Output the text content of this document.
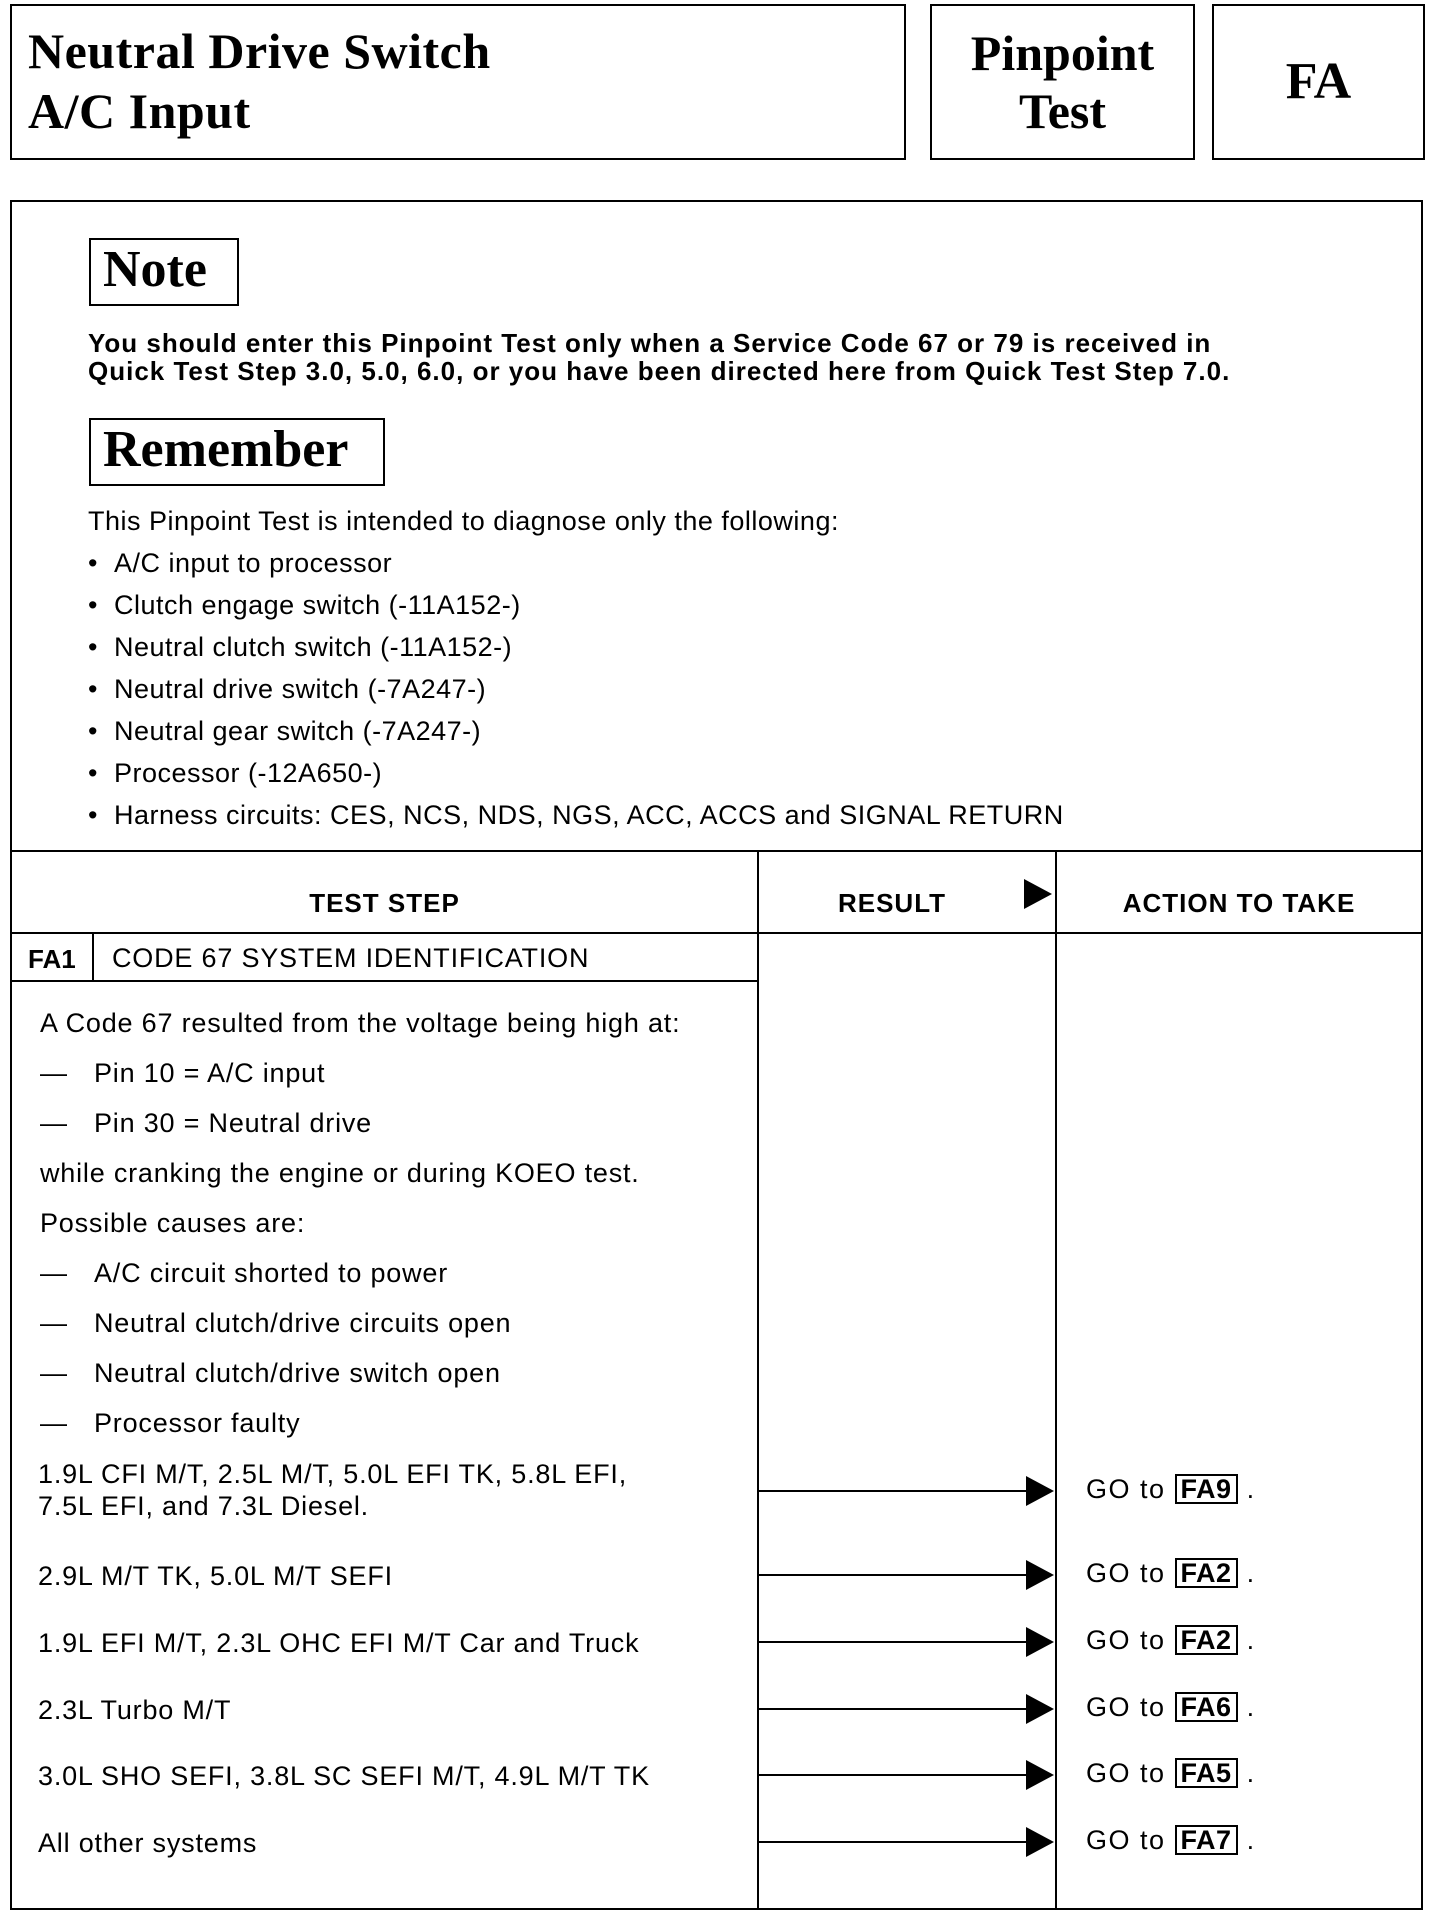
Neutral Drive Switch
A/C Input
Pinpoint
Test
FA
Note
You should enter this Pinpoint Test only when a Service Code 67 or 79 is received in
Quick Test Step 3.0, 5.0, 6.0, or you have been directed here from Quick Test Step 7.0.
Remember
This Pinpoint Test is intended to diagnose only the following:
• A/C input to processor
• Clutch engage switch (-11A152-)
• Neutral clutch switch (-11A152-)
• Neutral drive switch (-7A247-)
• Neutral gear switch (-7A247-)
• Processor (-12A650-)
• Harness circuits: CES, NCS, NDS, NGS, ACC, ACCS and SIGNAL RETURN
TEST STEP	RESULT	ACTION TO TAKE
FA1 CODE 67 SYSTEM IDENTIFICATION
A Code 67 resulted from the voltage being high at:
— Pin 10 = A/C input
— Pin 30 = Neutral drive
while cranking the engine or during KOEO test.
Possible causes are:
— A/C circuit shorted to power
— Neutral clutch/drive circuits open
— Neutral clutch/drive switch open
— Processor faulty
1.9L CFI M/T, 2.5L M/T, 5.0L EFI TK, 5.8L EFI,
7.5L EFI, and 7.3L Diesel.
GO to FA9 .
2.9L M/T TK, 5.0L M/T SEFI	GO to FA2 .
1.9L EFI M/T, 2.3L OHC EFI M/T Car and Truck	GO to FA2 .
2.3L Turbo M/T	GO to FA6 .
3.0L SHO SEFI, 3.8L SC SEFI M/T, 4.9L M/T TK	GO to FA5 .
All other systems	GO to FA7 .
